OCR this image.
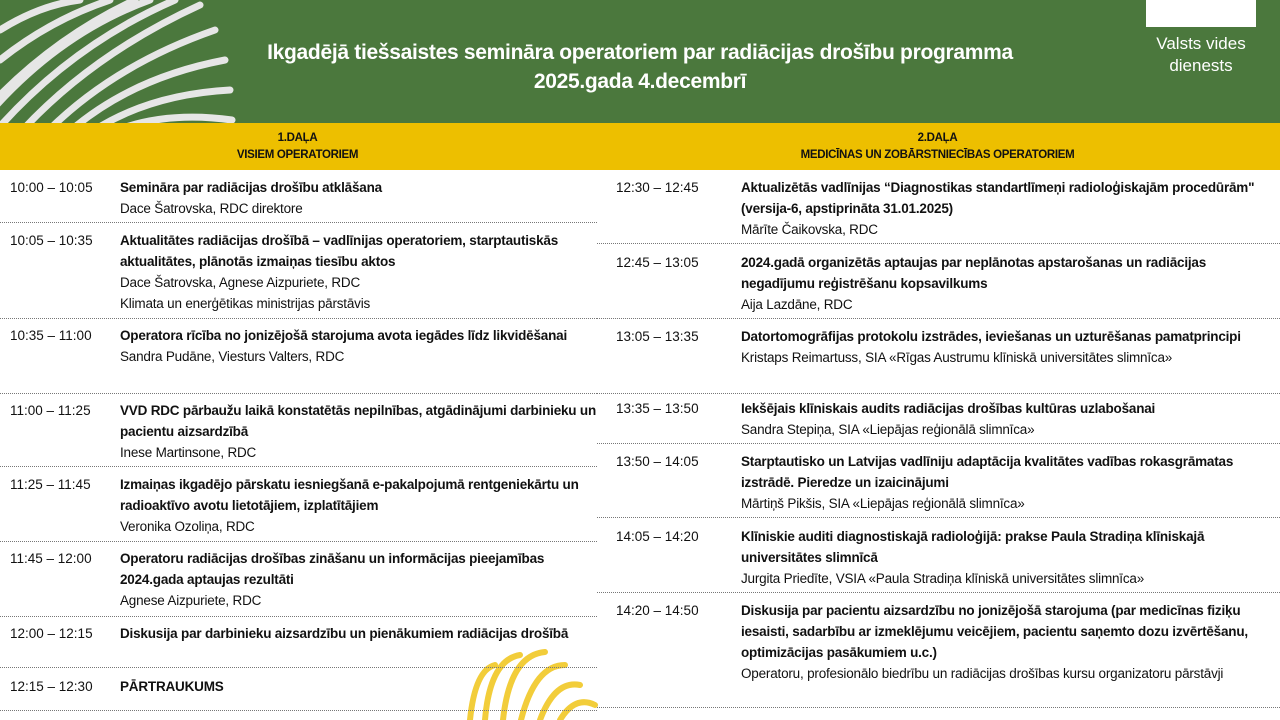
Ikgadējā tiešsaistes semināra operatoriem par radiācijas drošību programma
2025.gada 4.decembrī
Valsts vides dienests
1.DAĻA
VISIEM OPERATORIEM
2.DAĻA
MEDICĪNAS UN ZOBĀRSTNIECĪBAS OPERATORIEM
10:00 – 10:05 Semināra par radiācijas drošību atklāšana
Dace Šatrovska, RDC direktore
10:05 – 10:35 Aktualitātes radiācijas drošībā – vadlīnijas operatoriem, starptautiskās aktualitātes, plānotās izmaiņas tiesību aktos
Dace Šatrovska, Agnese Aizpuriete, RDC
Klimata un enerģētikas ministrijas pārstāvis
10:35 – 11:00 Operatora rīcība no jonizējošā starojuma avota iegādes līdz likvidēšanai
Sandra Pudāne, Viesturs Valters, RDC
11:00 – 11:25 VVD RDC pārbaužu laikā konstatētās nepilnības, atgādinājumi darbinieku un pacientu aizsardzībā
Inese Martinsone, RDC
11:25 – 11:45 Izmaiņas ikgadējo pārskatu iesniegšanā e-pakalpojumā rentgeniekārtu un radioaktīvo avotu lietotājiem, izplatītājiem
Veronika Ozoliņa, RDC
11:45 – 12:00 Operatoru radiācijas drošības zināšanu un informācijas pieejamības 2024.gada aptaujas rezultāti
Agnese Aizpuriete, RDC
12:00 – 12:15 Diskusija par darbinieku aizsardzību un pienākumiem radiācijas drošībā
12:15 – 12:30 PĀRTRAUKUMS
12:30 – 12:45	Aktualizētās vadlīnijas “Diagnostikas standartlīmeņi radioloģiskajām procedūrām" (versija-6, apstiprināta 31.01.2025)
Mārīte Čaikovska, RDC
12:45 – 13:05	2024.gadā organizētās aptaujas par neplānotas apstarošanas un radiācijas negadījumu reģistrēšanu kopsavilkums
Aija Lazdāne, RDC
13:05 – 13:35	Datortomogrāfijas protokolu izstrādes, ieviešanas un uzturēšanas pamatprincipi
Kristaps Reimartuss, SIA «Rīgas Austrumu klīniskā universitātes slimnīca»
13:35 – 13:50	Iekšējais klīniskais audits radiācijas drošības kultūras uzlabošanai
Sandra Stepiņa, SIA «Liepājas reģionālā slimnīca»
13:50 – 14:05	Starptautisko un Latvijas vadlīniju adaptācija kvalitātes vadības rokasgrāmatas izstrādē. Pieredze un izaicinājumi
Mārtiņš Pikšis, SIA «Liepājas reģionālā slimnīca»
14:05 – 14:20	Klīniskie auditi diagnostiskajā radioloģijā: prakse Paula Stradiņa klīniskajā universitātes slimnīcā
Jurgita Priedīte, VSIA «Paula Stradiņa klīniskā universitātes slimnīca»
14:20 – 14:50	Diskusija par pacientu aizsardzību no jonizējošā starojuma (par medicīnas fiziķu iesaisti, sadarbību ar izmeklējumu veicējiem, pacientu saņemto dozu izvērtēšanu, optimizācijas pasākumiem u.c.)
Operatoru, profesionālo biedrību un radiācijas drošības kursu organizatoru pārstāvji
